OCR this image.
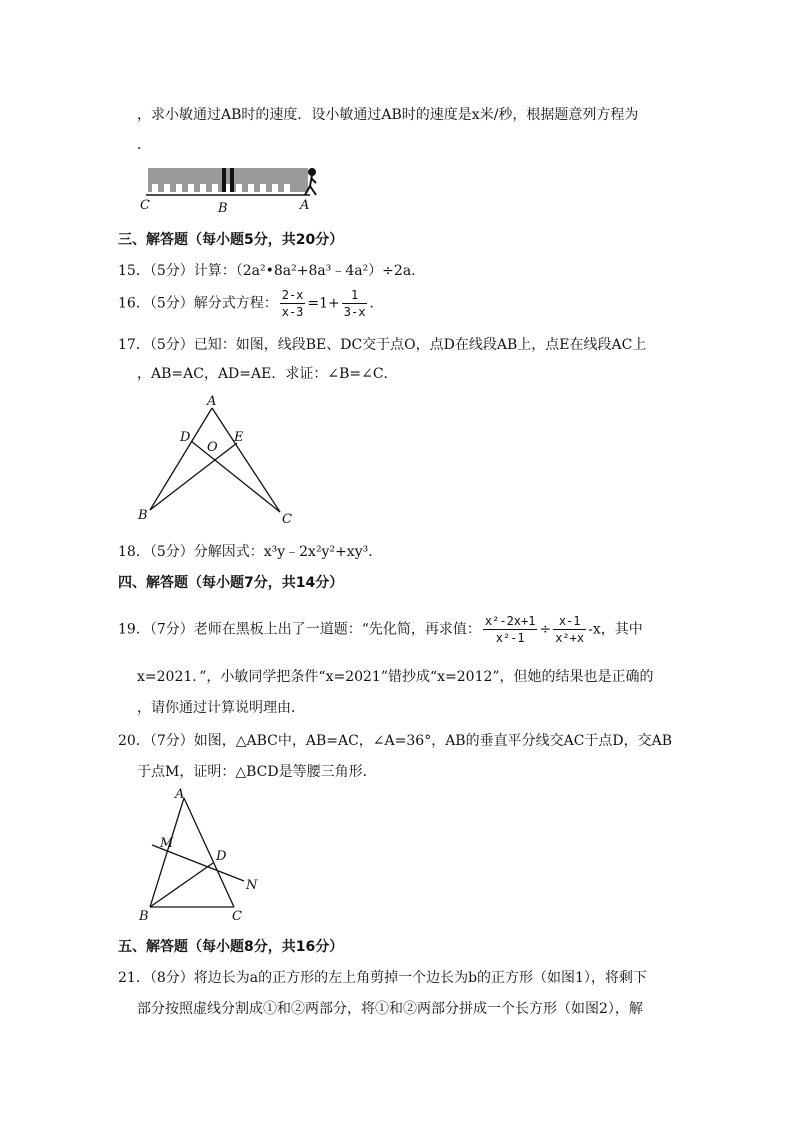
，求小敏通过AB时的速度．设小敏通过AB时的速度是x米/秒，根据题意列方程为
．
C	B	A
三、解答题（每小题5分，共20分）
15．（5分）计算：（2a²•8a²+8a³﹣4a²）÷2a．
16．（5分）解分式方程： $\frac{2-x}{x-3} =1+ \frac{1}{3-x}$ ．
17．（5分）已知：如图，线段BE、DC交于点O，点D在线段AB上，点E在线段AC上
，AB=AC，AD=AE．求证：∠B=∠C．
A
D
O
E
B	C
18．（5分）分解因式：x³y﹣2x²y²+xy³．
四、解答题（每小题7分，共14分）
19．（7分）老师在黑板上出了一道题：“先化简，再求值： $\frac{\text{x²-2x+1}}{\text{x²-1}} \div \frac{x-1}{\text{x²+x}} -x$，其中
x=2021．”，小敏同学把条件“x=2021”错抄成“x=2012”，但她的结果也是正确的
，请你通过计算说明理由．
20．（7分）如图，△ABC中，AB=AC，∠A=36°，AB的垂直平分线交AC于点D，交AB
于点M，证明：△BCD是等腰三角形．
A
M
D
N
B	C
五、解答题（每小题8分，共16分）
21．（8分）将边长为a的正方形的左上角剪掉一个边长为b的正方形（如图1），将剩下
部分按照虚线分割成①和②两部分，将①和②两部分拼成一个长方形（如图2），解
